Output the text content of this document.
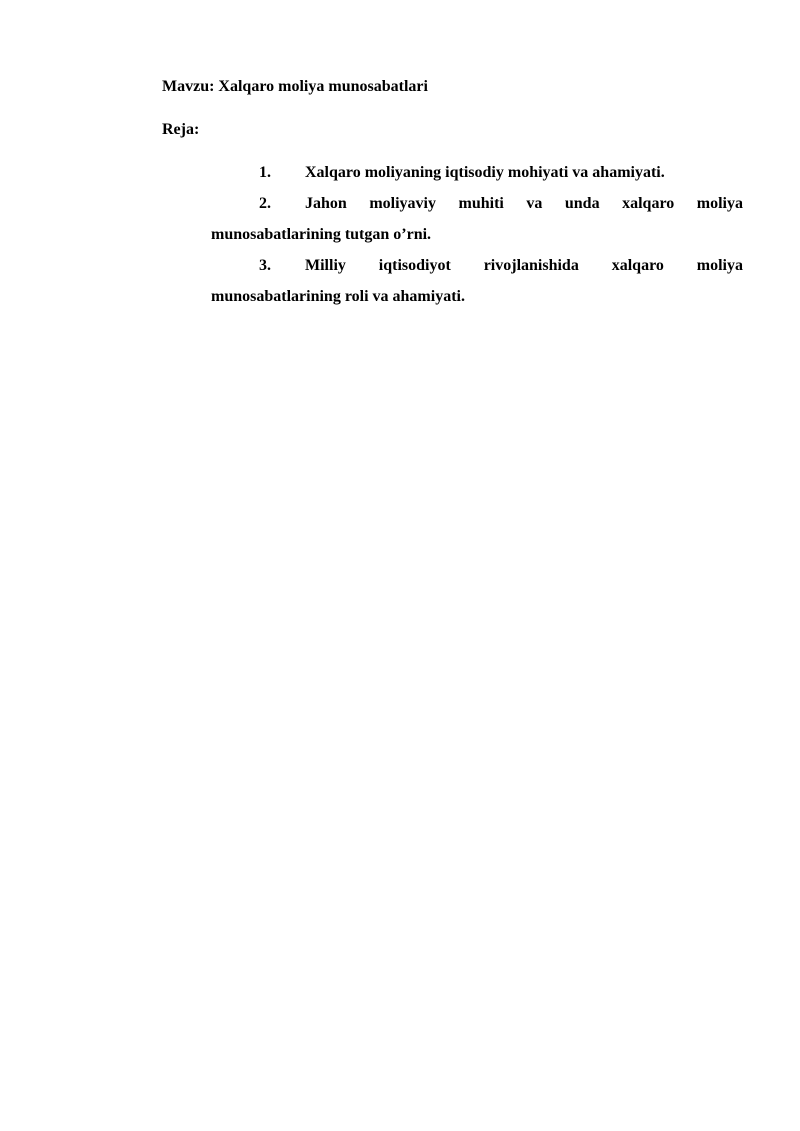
Mavzu: Xalqaro moliya munosabatlari
Reja:
1. Xalqaro moliyaning iqtisodiy mohiyati va ahamiyati.
2. Jahon moliyaviy muhiti va unda xalqaro moliya munosabatlarining tutgan o’rni.
3. Milliy iqtisodiyot rivojlanishida xalqaro moliya munosabatlarining roli va ahamiyati.
